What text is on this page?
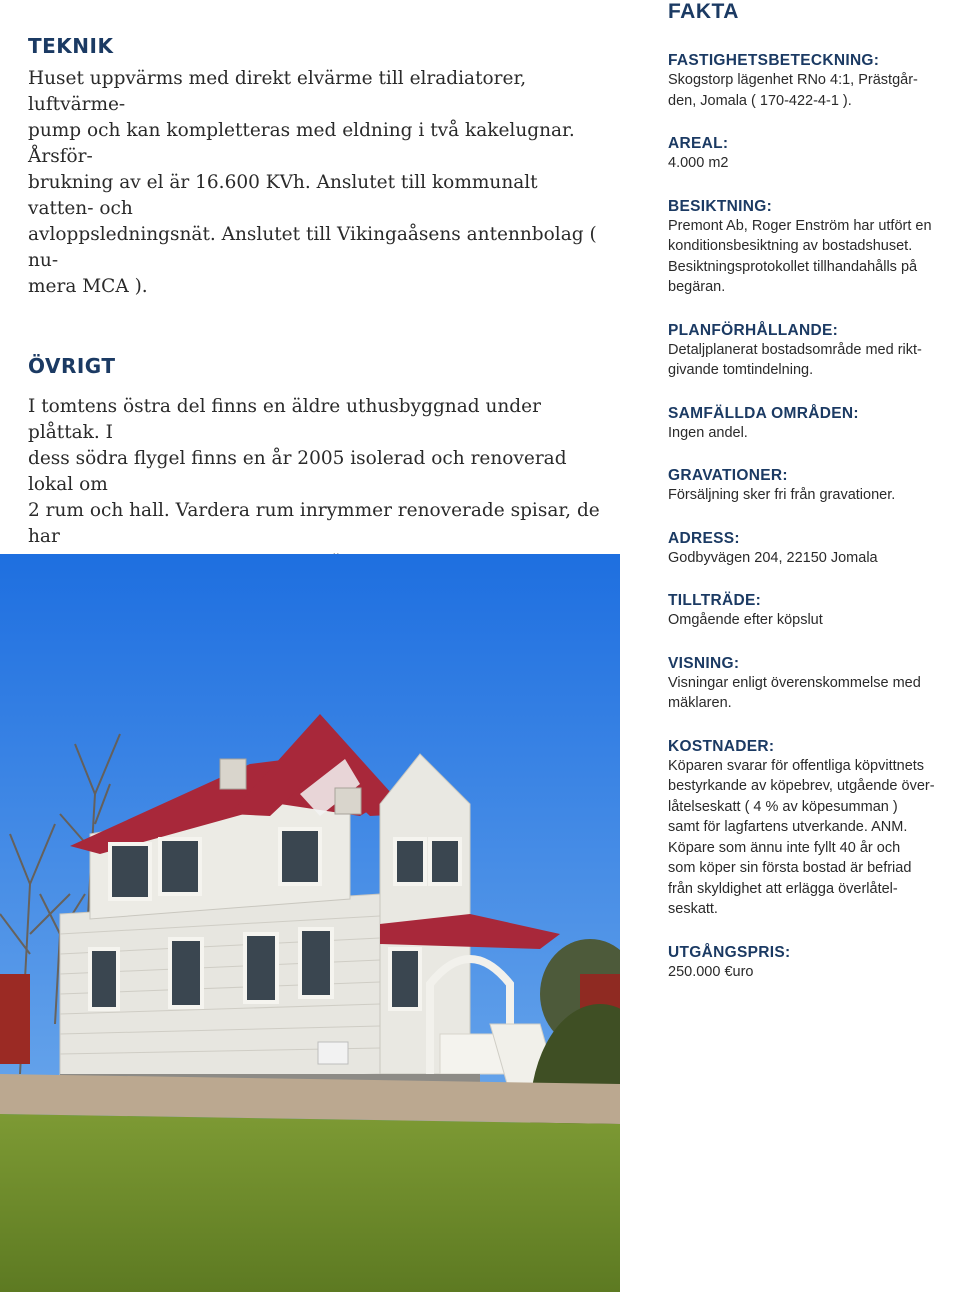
TEKNIK

Huset uppvärms med direkt elvärme till elradiatorer, luftvärme-
pump och kan kompletteras med eldning i två kakelugnar. Årsför-
brukning av el är 16.600 KVh. Anslutet till kommunalt vatten- och
avloppsledningsnät. Anslutet till Vikingaåsens antennbolag ( nu-
mera MCA ).

ÖVRIGT

I tomtens östra del finns en äldre uthusbyggnad under plåttak. I
dess södra flygel finns en år 2005 isolerad och renoverad lokal om
2 rum och hall. Vardera rum inrymmer renoverade spisar, de har

FAKTA

FASTIGHETSBETECKNING:

Skogstorp lägenhet RNo 4:1, Prästgår-
den, Jomala ( 170-422-4-1 ).

AREAL:

4.000 m2

BESIKTNING:

Premont Ab, Roger Enström har utfört en
konditionsbesiktning av bostadshuset.
Besiktningsprotokollet tillhandahålls på
begäran.

PLANFÖRHÅLLANDE:

Detaljplanerat bostadsområde med rikt-
givande tomtindelning.

SAMFÄLLDA OMRÅDEN:

Ingen andel.

GRAVATIONER:

Försäljning sker fri från gravationer.

ADRESS:

Godbyvägen 204, 22150 Jomala

TILLTRÄDE:

Omgående efter köpslut

VISNING:

Visningar enligt överenskommelse med
mäklaren.

KOSTNADER:

Köparen svarar för offentliga köpvittnets
bestyrkande av köpebrev, utgående över-
låtelseskatt ( 4 % av köpesumman )
samt för lagfartens utverkande. ANM.
Köpare som ännu inte fyllt 40 år och
som köper sin första bostad är befriad
från skyldighet att erlägga överlåtel-
seskatt.

UTGÅNGSPRIS:

250.000 €uro
